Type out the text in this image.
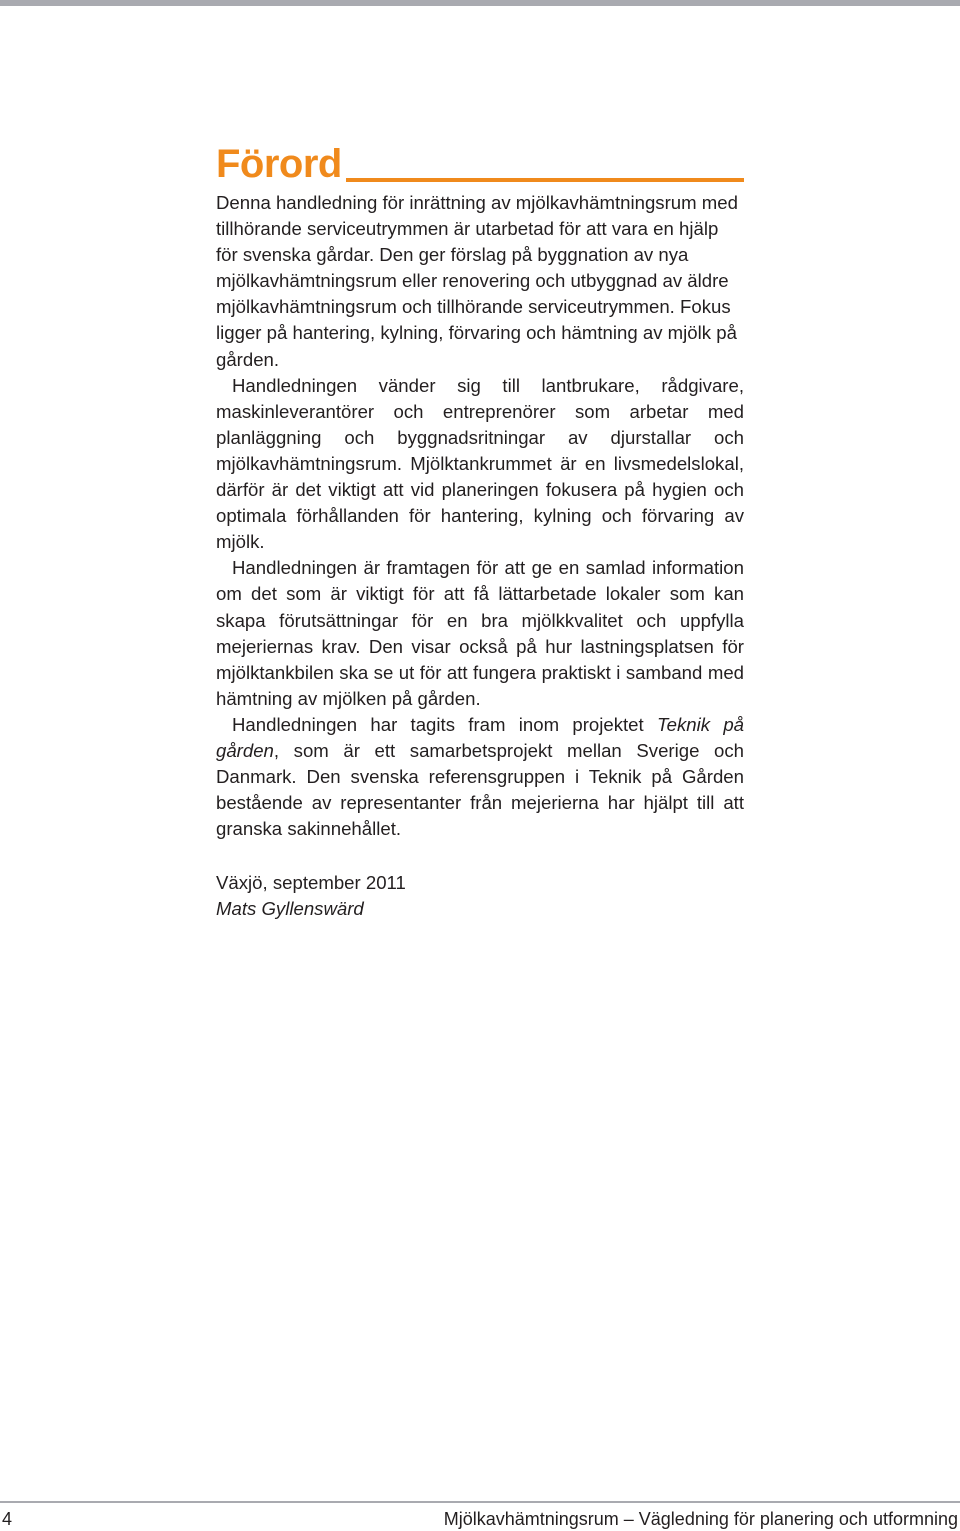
Förord

Denna handledning för inrättning av mjölkavhämtningsrum med tillhörande serviceutrymmen är utarbetad för att vara en hjälp för svenska gårdar. Den ger förslag på byggnation av nya mjölkavhämtningsrum eller renovering och utbyggnad av äldre mjölkavhämtningsrum och tillhörande serviceutrymmen. Fokus ligger på hantering, kylning, förvaring och hämtning av mjölk på gården.

Handledningen vänder sig till lantbrukare, rådgivare, maskinleverantörer och entreprenörer som arbetar med planläggning och byggnadsritningar av djurstallar och mjölkavhämtningsrum. Mjölktankrummet är en livsmedelslokal, därför är det viktigt att vid planeringen fokusera på hygien och optimala förhållanden för hantering, kylning och förvaring av mjölk.

Handledningen är framtagen för att ge en samlad information om det som är viktigt för att få lättarbetade lokaler som kan skapa förutsättningar för en bra mjölkkvalitet och uppfylla mejeriernas krav. Den visar också på hur lastningsplatsen för mjölktankbilen ska se ut för att fungera praktiskt i samband med hämtning av mjölken på gården.

Handledningen har tagits fram inom projektet Teknik på gården, som är ett samarbetsprojekt mellan Sverige och Danmark. Den svenska referensgruppen i Teknik på Gården bestående av representanter från mejerierna har hjälpt till att granska sakinnehållet.

Växjö, september 2011
Mats Gyllenswärd
4	Mjölkavhämtningsrum – Vägledning för planering och utformning
